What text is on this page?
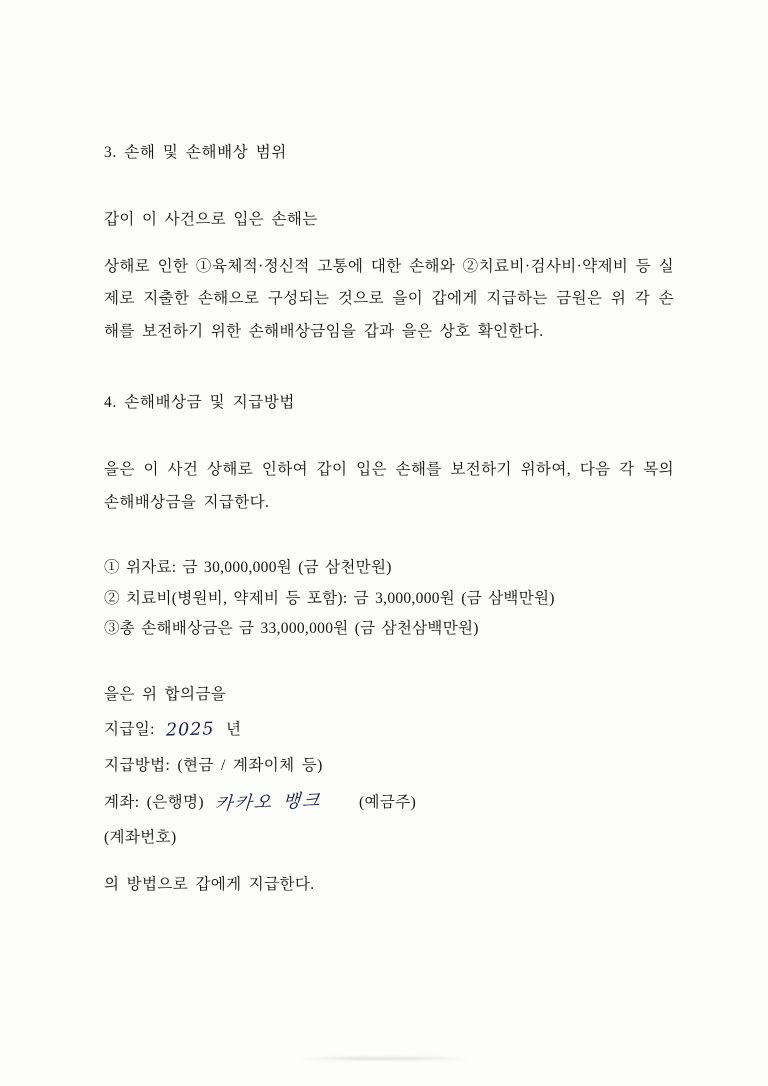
3. 손해 및 손해배상 범위

갑이 이 사건으로 입은 손해는

상해로 인한 ①육체적·정신적 고통에 대한 손해와 ②치료비·검사비·약제비 등 실제로 지출한 손해으로 구성되는 것으로 을이 갑에게 지급하는 금원은 위 각 손해를 보전하기 위한 손해배상금임을 갑과 을은 상호 확인한다.

4. 손해배상금 및 지급방법

을은 이 사건 상해로 인하여 갑이 입은 손해를 보전하기 위하여, 다음 각 목의 손해배상금을 지급한다.

① 위자료: 금 30,000,000원 (금 삼천만원)
② 치료비(병원비, 약제비 등 포함): 금 3,000,000원 (금 삼백만원)
③총 손해배상금은 금 33,000,000원 (금 삼천삼백만원)
을은 위 합의금을
지급일: 2025 년
지급방법: (현금 / 계좌이체 등)
계좌: (은행명) 카카오 뱅크 (예금주)
(계좌번호)
의 방법으로 갑에게 지급한다.
